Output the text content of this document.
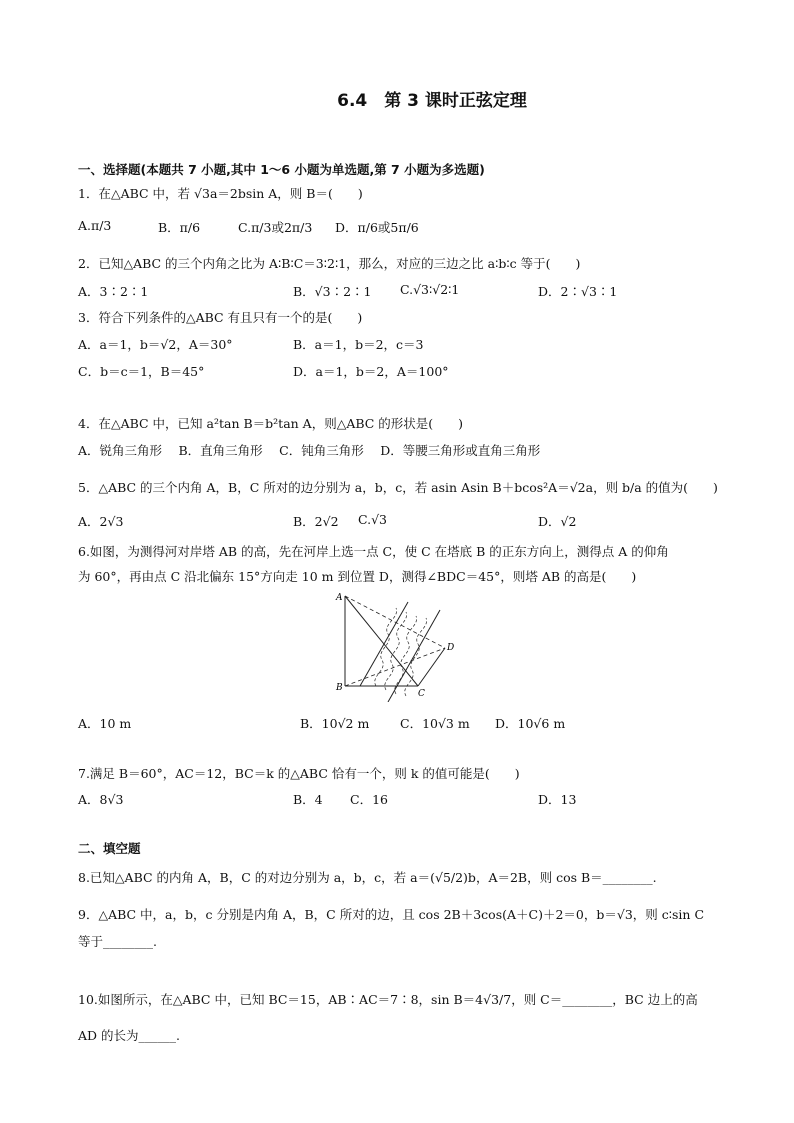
6.4　第 3 课时正弦定理
一、选择题(本题共 7 小题,其中 1～6 小题为单选题,第 7 小题为多选题)
1．在△ABC 中，若 √3a＝2bsin A，则 B＝(　　)
A.π/3	B．π/6	C.π/3或2π/3 D．π/6或5π/6
2．已知△ABC 的三个内角之比为 A∶B∶C＝3∶2∶1，那么，对应的三边之比 a∶b∶c 等于(　　)
A．3∶2∶1	B．√3∶2∶1 C.√3∶√2∶1	D．2∶√3∶1
3．符合下列条件的△ABC 有且只有一个的是(　　)
A．a＝1，b＝√2，A＝30°	B．a＝1，b＝2，c＝3
C．b＝c＝1，B＝45°	D．a＝1，b＝2，A＝100°
4．在△ABC 中，已知 a²tan B＝b²tan A，则△ABC 的形状是(　　)
A．锐角三角形　 B．直角三角形　 C．钝角三角形　 D．等腰三角形或直角三角形
5．△ABC 的三个内角 A，B，C 所对的边分别为 a，b，c，若 asin Asin B＋bcos²A＝√2a，则 b/a 的值为(　　)
A．2√3	B．2√2 C.√3	D．√2
6.如图，为测得河对岸塔 AB 的高，先在河岸上选一点 C，使 C 在塔底 B 的正东方向上，测得点 A 的仰角
为 60°，再由点 C 沿北偏东 15°方向走 10 m 到位置 D，测得∠BDC＝45°，则塔 AB 的高是(　　)
A
B
C
D
A．10 m	B．10√2 m C．10√3 m D．10√6 m
7.满足 B＝60°，AC＝12，BC＝k 的△ABC 恰有一个，则 k 的值可能是(　　)
A．8√3	B．4 C．16	D．13
二、填空题
8.已知△ABC 的内角 A，B，C 的对边分别为 a，b，c，若 a＝(√5/2)b，A＝2B，则 cos B＝________.
9．△ABC 中，a，b，c 分别是内角 A，B，C 所对的边，且 cos 2B＋3cos(A＋C)＋2＝0，b＝√3，则 c∶sin C
等于________.
10.如图所示，在△ABC 中，已知 BC＝15，AB∶AC＝7∶8，sin B＝4√3/7，则 C＝________，BC 边上的高
AD 的长为______.
